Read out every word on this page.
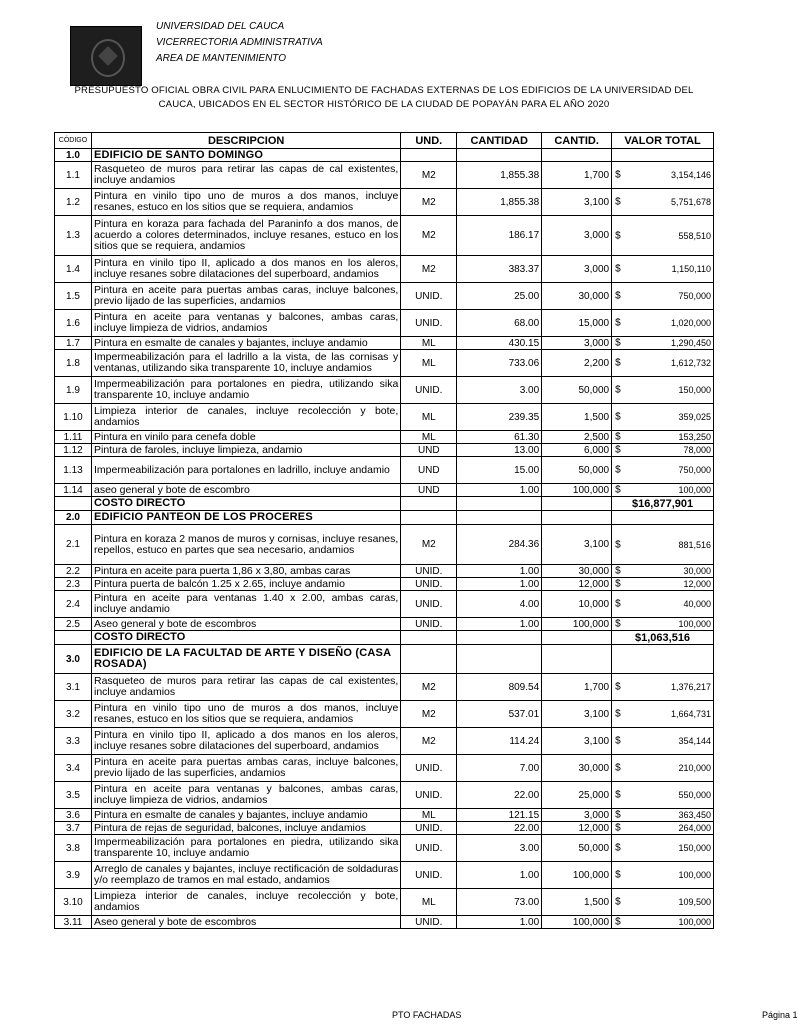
UNIVERSIDAD DEL CAUCA
VICERRECTORIA ADMINISTRATIVA
AREA DE MANTENIMIENTO
PRESUPUESTO OFICIAL OBRA CIVIL PARA ENLUCIMIENTO DE FACHADAS EXTERNAS DE LOS EDIFICIOS DE LA UNIVERSIDAD DEL
CAUCA, UBICADOS EN EL SECTOR HISTÓRICO DE LA CIUDAD DE POPAYÁN PARA EL AÑO 2020
CÓDIGO	DESCRIPCION	UND.	CANTIDAD	CANTID.	VALOR TOTAL
1.0	EDIFICIO DE SANTO DOMINGO				
1.1	Rasqueteo de muros para retirar las capas de cal existentes, incluye andamios	M2	1,855.38	1,700	$ 3,154,146
1.2	Pintura en vinilo tipo uno de muros a dos manos, incluye resanes, estuco en los sitios que se requiera, andamios	M2	1,855.38	3,100	$ 5,751,678
1.3	Pintura en koraza para fachada del Paraninfo a dos manos, de acuerdo a colores determinados, incluye resanes, estuco en los sitios que se requiera, andamios	M2	186.17	3,000	$ 558,510
1.4	Pintura en vinilo tipo II, aplicado a dos manos en los aleros, incluye resanes sobre dilataciones del superboard, andamios	M2	383.37	3,000	$ 1,150,110
1.5	Pintura en aceite para puertas ambas caras, incluye balcones, previo lijado de las superficies, andamios	UNID.	25.00	30,000	$ 750,000
1.6	Pintura en aceite para ventanas y balcones, ambas caras, incluye limpieza de vidrios, andamios	UNID.	68.00	15,000	$ 1,020,000
1.7	Pintura en esmalte de canales y bajantes, incluye andamio	ML	430.15	3,000	$ 1,290,450
1.8	Impermeabilización para el ladrillo a la vista, de las cornisas y ventanas, utilizando sika transparente 10, incluye andamios	ML	733.06	2,200	$ 1,612,732
1.9	Impermeabilización para portalones en piedra, utilizando sika transparente 10, incluye andamio	UNID.	3.00	50,000	$ 150,000
1.10	Limpieza interior de canales, incluye recolección y bote, andamios	ML	239.35	1,500	$ 359,025
1.11	Pintura en vinilo para cenefa doble	ML	61.30	2,500	$ 153,250
1.12	Pintura de faroles, incluye limpieza, andamio	UND	13.00	6,000	$ 78,000
1.13	Impermeabilización para portalones en ladrillo, incluye andamio	UND	15.00	50,000	$ 750,000
1.14	aseo general y bote de escombro	UND	1.00	100,000	$ 100,000
	COSTO DIRECTO				$16,877,901
2.0	EDIFICIO PANTEON DE LOS PROCERES				
2.1	Pintura en koraza 2 manos de muros y cornisas, incluye resanes, repellos, estuco en partes que sea necesario, andamios	M2	284.36	3,100	$ 881,516
2.2	Pintura en aceite para puerta 1,86 x 3,80, ambas caras	UNID.	1.00	30,000	$ 30,000
2.3	Pintura puerta de balcón 1.25 x 2.65, incluye andamio	UNID.	1.00	12,000	$ 12,000
2.4	Pintura en aceite para ventanas 1.40 x 2.00, ambas caras, incluye andamio	UNID.	4.00	10,000	$ 40,000
2.5	Aseo general y bote de escombros	UNID.	1.00	100,000	$ 100,000
	COSTO DIRECTO				$1,063,516
3.0	EDIFICIO DE LA FACULTAD DE ARTE Y DISEÑO (CASA ROSADA)				
3.1	Rasqueteo de muros para retirar las capas de cal existentes, incluye andamios	M2	809.54	1,700	$ 1,376,217
3.2	Pintura en vinilo tipo uno de muros a dos manos, incluye resanes, estuco en los sitios que se requiera, andamios	M2	537.01	3,100	$ 1,664,731
3.3	Pintura en vinilo tipo II, aplicado a dos manos en los aleros, incluye resanes sobre dilataciones del superboard, andamios	M2	114.24	3,100	$ 354,144
3.4	Pintura en aceite para puertas ambas caras, incluye balcones, previo lijado de las superficies, andamios	UNID.	7.00	30,000	$ 210,000
3.5	Pintura en aceite para ventanas y balcones, ambas caras, incluye limpieza de vidrios, andamios	UNID.	22.00	25,000	$ 550,000
3.6	Pintura en esmalte de canales y bajantes, incluye andamio	ML	121.15	3,000	$ 363,450
3.7	Pintura de rejas de seguridad, balcones, incluye andamios	UNID.	22.00	12,000	$ 264,000
3.8	Impermeabilización para portalones en piedra, utilizando sika transparente 10, incluye andamio	UNID.	3.00	50,000	$ 150,000
3.9	Arreglo de canales y bajantes, incluye rectificación de soldaduras y/o reemplazo de tramos en mal estado, andamios	UNID.	1.00	100,000	$ 100,000
3.10	Limpieza interior de canales, incluye recolección y bote, andamios	ML	73.00	1,500	$ 109,500
3.11	Aseo general y bote de escombros	UNID.	1.00	100,000	$ 100,000
PTO FACHADAS	Página 1
